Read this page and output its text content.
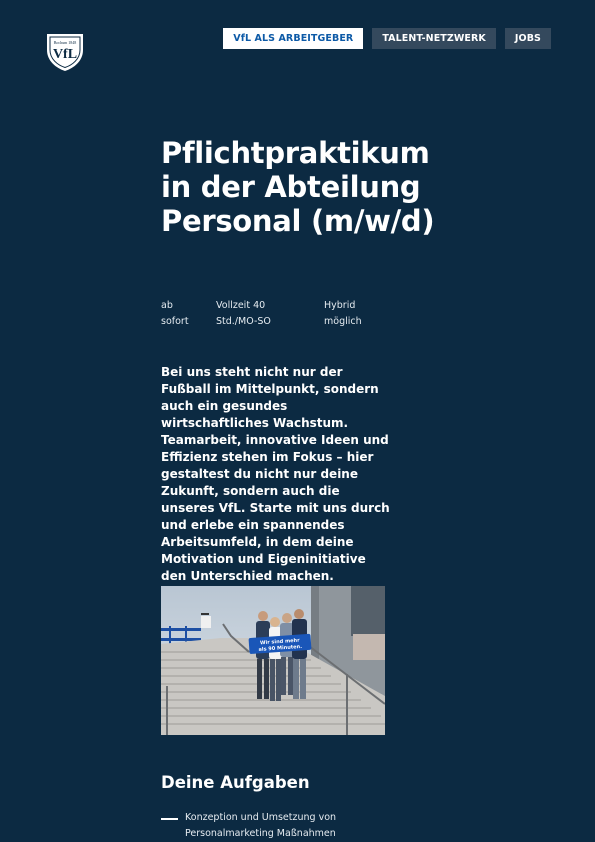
VfL
Bochum 1848	VfL ALS ARBEITGEBER	TALENT-NETZWERK	JOBS
Pflichtpraktikum in der Abteilung Personal (m/w/d)
ab
sofort
Vollzeit 40
Std./MO-SO
Hybrid
möglich

Bei uns steht nicht nur der Fußball im Mittelpunkt, sondern auch ein gesundes wirtschaftliches Wachstum. Teamarbeit, innovative Ideen und Effizienz stehen im Fokus – hier gestaltest du nicht nur deine Zukunft, sondern auch die unseres VfL. Starte mit uns durch und erlebe ein spannendes Arbeitsumfeld, in dem deine Motivation und Eigeninitiative den Unterschied machen.

Wir sind mehr
als 90 Minuten.
Deine Aufgaben
Konzeption und Umsetzung von Personalmarketing Maßnahmen
